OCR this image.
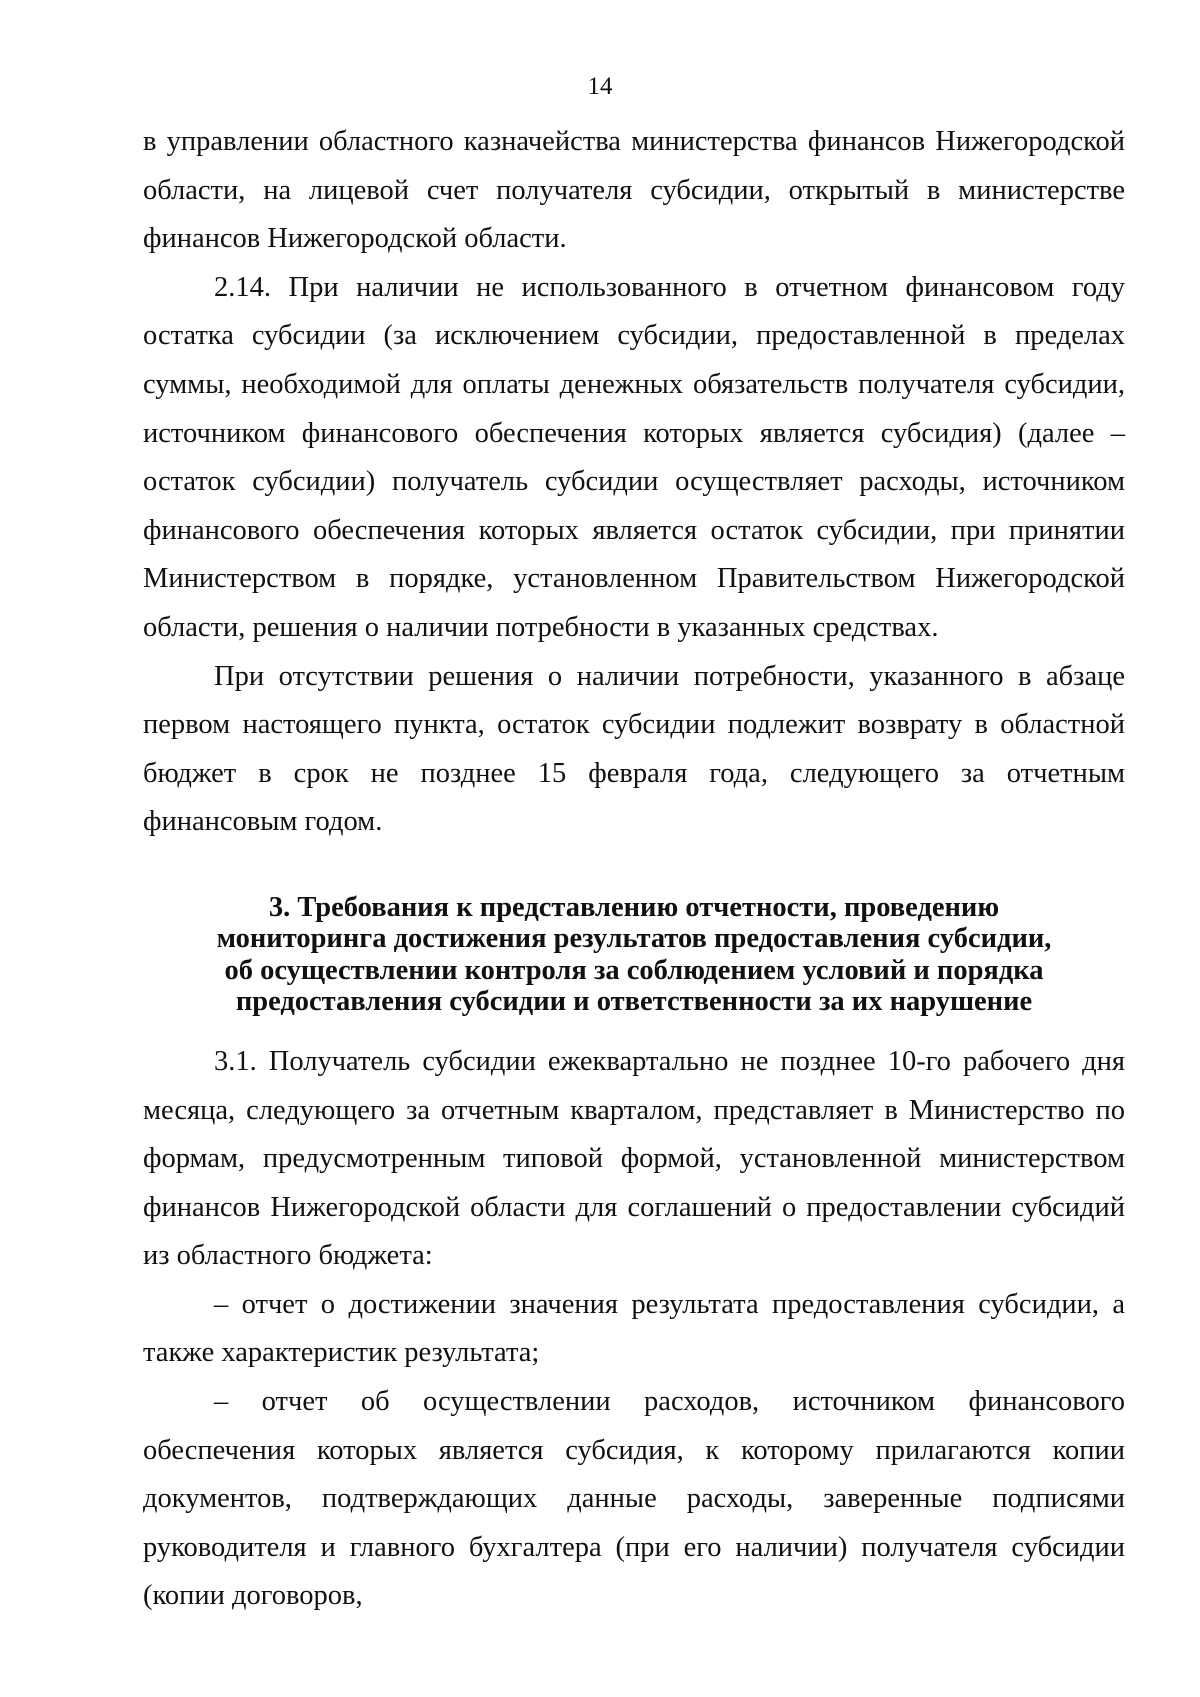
14

в управлении областного казначейства министерства финансов Нижегородской области, на лицевой счет получателя субсидии, открытый в министерстве финансов Нижегородской области.

2.14. При наличии не использованного в отчетном финансовом году остатка субсидии (за исключением субсидии, предоставленной в пределах суммы, необходимой для оплаты денежных обязательств получателя субсидии, источником финансового обеспечения которых является субсидия) (далее – остаток субсидии) получатель субсидии осуществляет расходы, источником финансового обеспечения которых является остаток субсидии, при принятии Министерством в порядке, установленном Правительством Нижегородской области, решения о наличии потребности в указанных средствах.

При отсутствии решения о наличии потребности, указанного в абзаце первом настоящего пункта, остаток субсидии подлежит возврату в областной бюджет в срок не позднее 15 февраля года, следующего за отчетным финансовым годом.

3. Требования к представлению отчетности, проведению
мониторинга достижения результатов предоставления субсидии,
об осуществлении контроля за соблюдением условий и порядка
предоставления субсидии и ответственности за их нарушение

3.1. Получатель субсидии ежеквартально не позднее 10-го рабочего дня месяца, следующего за отчетным кварталом, представляет в Министерство по формам, предусмотренным типовой формой, установленной министерством финансов Нижегородской области для соглашений о предоставлении субсидий из областного бюджета:

– отчет о достижении значения результата предоставления субсидии, а также характеристик результата;

– отчет об осуществлении расходов, источником финансового обеспечения которых является субсидия, к которому прилагаются копии документов, подтверждающих данные расходы, заверенные подписями руководителя и главного бухгалтера (при его наличии) получателя субсидии (копии договоров,
